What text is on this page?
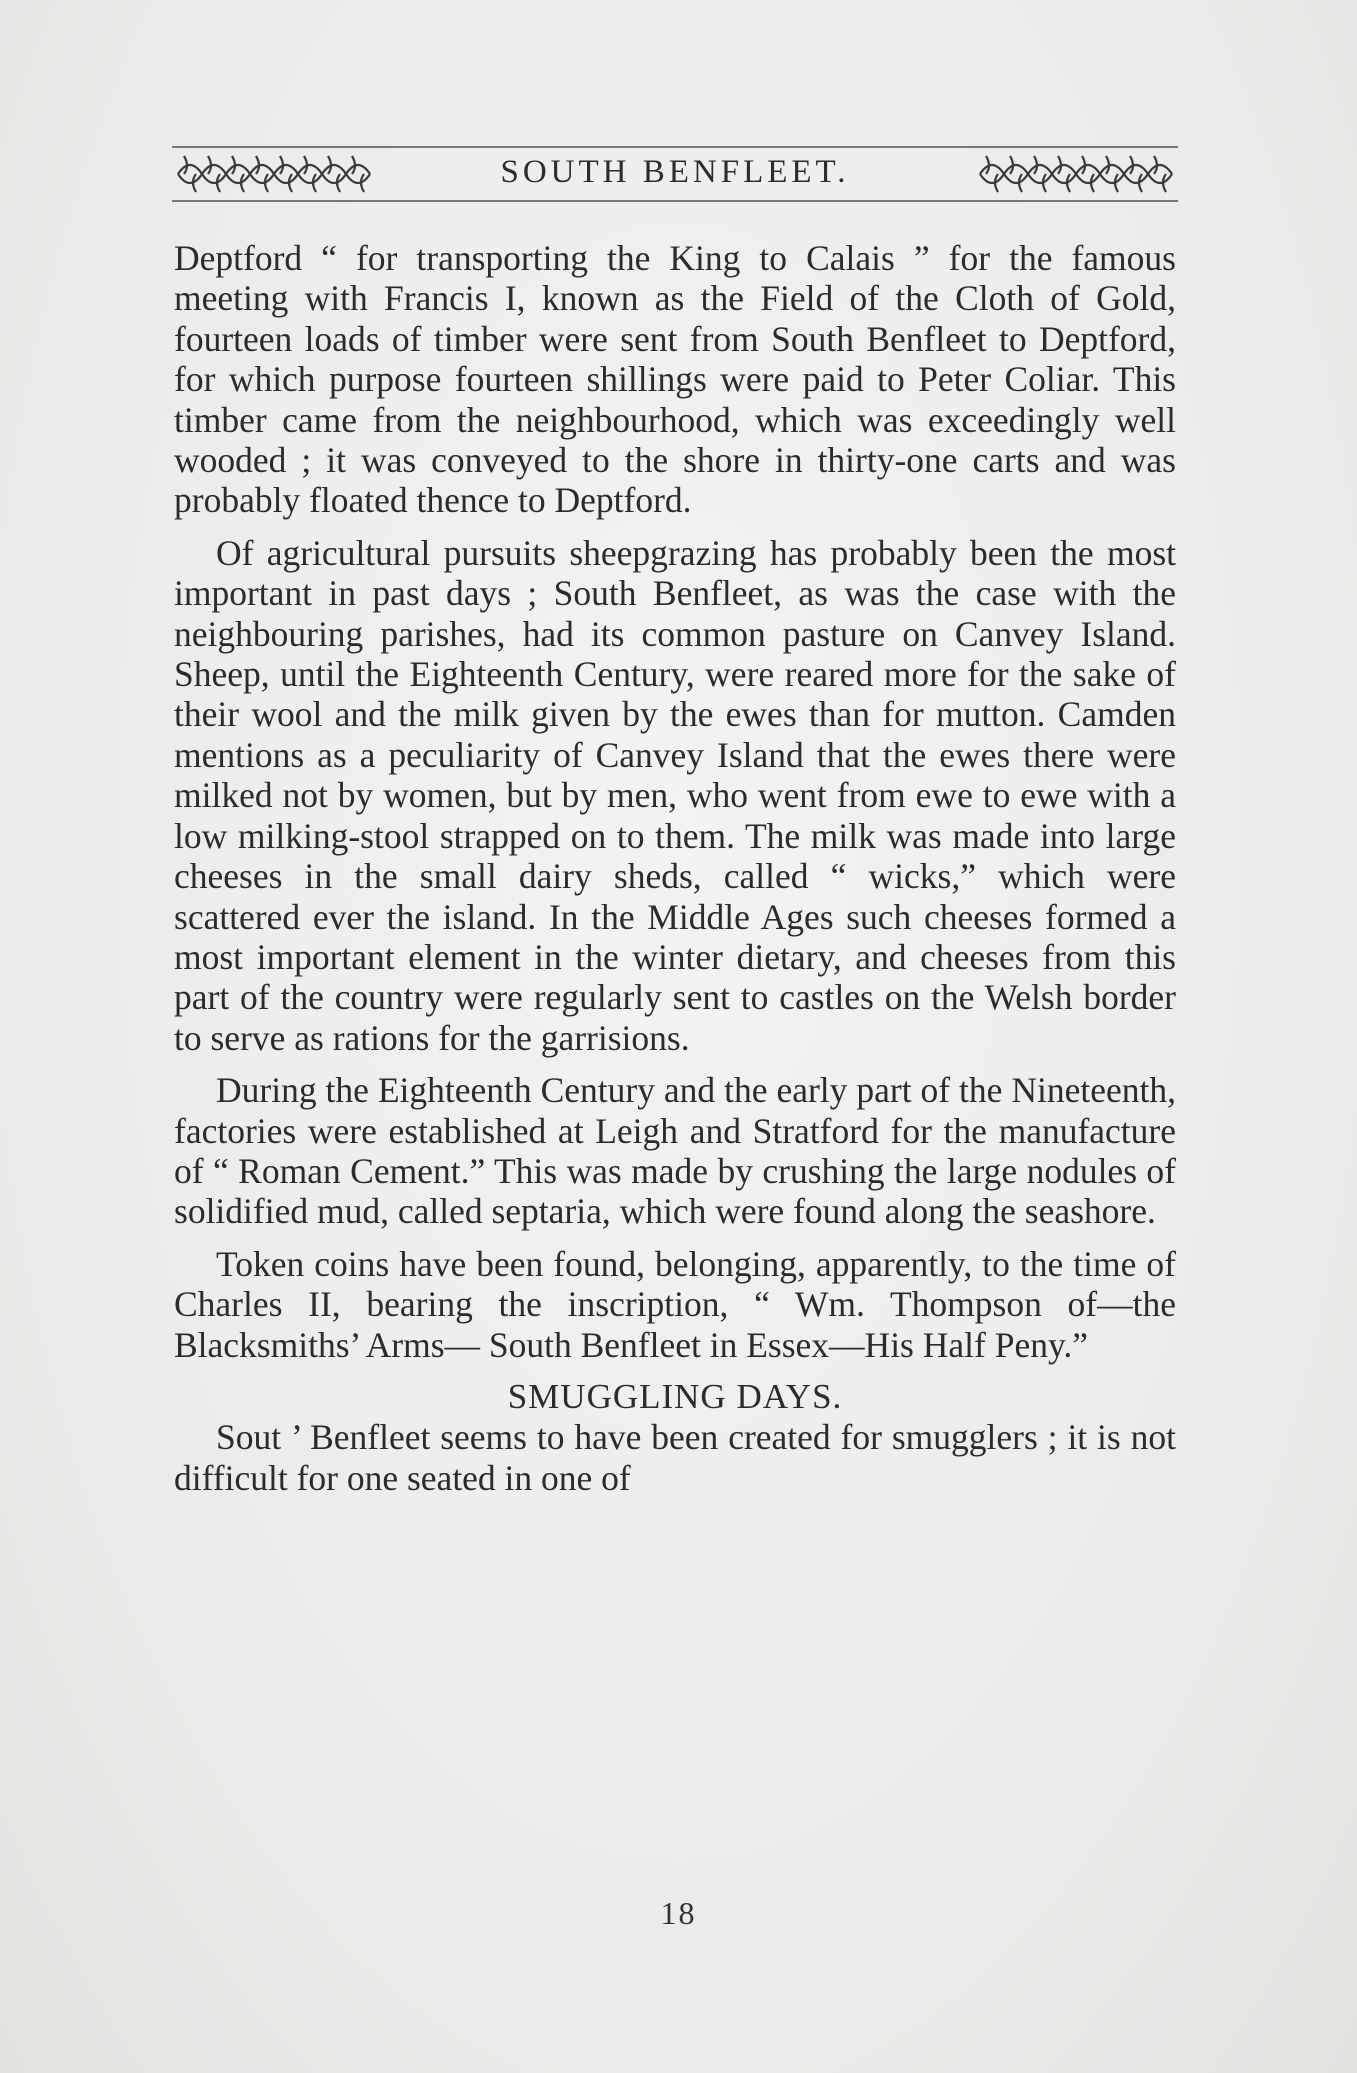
SOUTH BENFLEET.

Deptford “ for transporting the King to Calais ” for the famous meeting with Francis I, known as the Field of the Cloth of Gold, fourteen loads of timber were sent from South Benfleet to Deptford, for which purpose fourteen shillings were paid to Peter Coliar. This timber came from the neighbourhood, which was exceedingly well wooded ; it was conveyed to the shore in thirty-one carts and was probably floated thence to Deptford.

Of agricultural pursuits sheepgrazing has probably been the most important in past days ; South Benfleet, as was the case with the neighbouring parishes, had its common pasture on Canvey Island. Sheep, until the Eighteenth Century, were reared more for the sake of their wool and the milk given by the ewes than for mutton. Camden mentions as a peculiarity of Canvey Island that the ewes there were milked not by women, but by men, who went from ewe to ewe with a low milking-stool strapped on to them. The milk was made into large cheeses in the small dairy sheds, called “ wicks,” which were scattered ever the island. In the Middle Ages such cheeses formed a most important element in the winter dietary, and cheeses from this part of the country were regularly sent to castles on the Welsh border to serve as rations for the garrisions.

During the Eighteenth Century and the early part of the Nineteenth, factories were established at Leigh and Stratford for the manufacture of “ Roman Cement.” This was made by crushing the large nodules of solidified mud, called septaria, which were found along the seashore.

Token coins have been found, belonging, apparently, to the time of Charles II, bearing the inscription, “ Wm. Thompson of—the Blacksmiths’ Arms— South Benfleet in Essex—His Half Peny.”

SMUGGLING DAYS.

Sout ’ Benfleet seems to have been created for smugglers ; it is not difficult for one seated in one of

18
